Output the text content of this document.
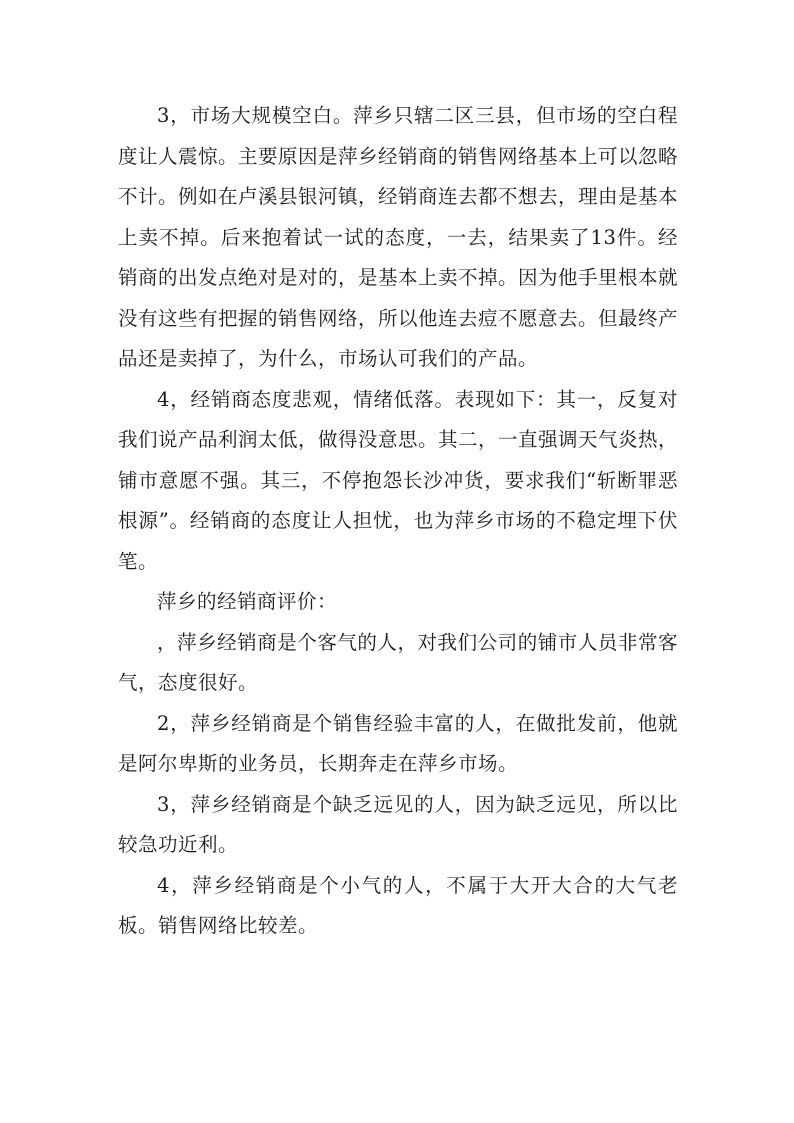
3，市场大规模空白。萍乡只辖二区三县，但市场的空白程度让人震惊。主要原因是萍乡经销商的销售网络基本上可以忽略不计。例如在卢溪县银河镇，经销商连去都不想去，理由是基本上卖不掉。后来抱着试一试的态度，一去，结果卖了13件。经销商的出发点绝对是对的，是基本上卖不掉。因为他手里根本就没有这些有把握的销售网络，所以他连去痘不愿意去。但最终产品还是卖掉了，为什么，市场认可我们的产品。

4，经销商态度悲观，情绪低落。表现如下：其一，反复对我们说产品利润太低，做得没意思。其二，一直强调天气炎热，铺市意愿不强。其三，不停抱怨长沙冲货，要求我们“斩断罪恶根源”。经销商的态度让人担忧，也为萍乡市场的不稳定埋下伏笔。

萍乡的经销商评价：

，萍乡经销商是个客气的人，对我们公司的铺市人员非常客气，态度很好。

2，萍乡经销商是个销售经验丰富的人，在做批发前，他就是阿尔卑斯的业务员，长期奔走在萍乡市场。

3，萍乡经销商是个缺乏远见的人，因为缺乏远见，所以比较急功近利。

4，萍乡经销商是个小气的人，不属于大开大合的大气老板。销售网络比较差。
